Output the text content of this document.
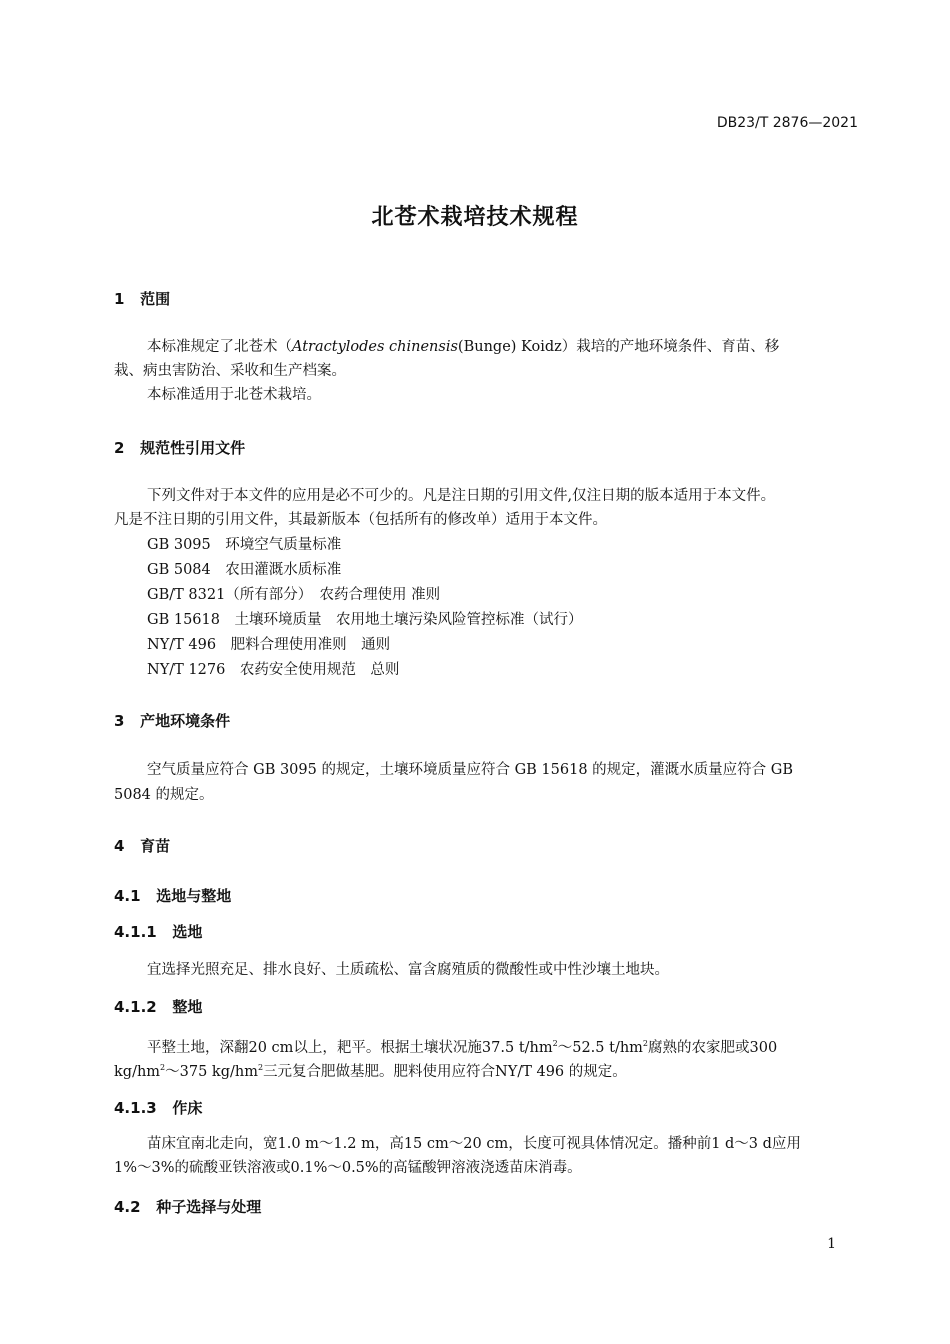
DB23/T 2876—2021
北苍术栽培技术规程
1 范围
本标准规定了北苍术（Atractylodes chinensis(Bunge) Koidz）栽培的产地环境条件、育苗、移
栽、病虫害防治、采收和生产档案。
本标准适用于北苍术栽培。
2 规范性引用文件
下列文件对于本文件的应用是必不可少的。凡是注日期的引用文件,仅注日期的版本适用于本文件。
凡是不注日期的引用文件，其最新版本（包括所有的修改单）适用于本文件。
GB 3095　环境空气质量标准
GB 5084　农田灌溉水质标准
GB/T 8321（所有部分）　农药合理使用 准则
GB 15618　土壤环境质量　农用地土壤污染风险管控标准（试行）
NY/T 496　肥料合理使用准则　通则
NY/T 1276　农药安全使用规范　总则
3 产地环境条件
空气质量应符合 GB 3095 的规定，土壤环境质量应符合 GB 15618 的规定，灌溉水质量应符合 GB
5084 的规定。
4 育苗
4.1 选地与整地
4.1.1 选地
宜选择光照充足、排水良好、土质疏松、富含腐殖质的微酸性或中性沙壤土地块。
4.1.2 整地
平整土地，深翻20 cm以上，耙平。根据土壤状况施37.5 $t/hm^2\sim 52.5$ $t/hm^2$腐熟的农家肥或300
$kg/hm^2\sim 375$ $kg/hm^2$三元复合肥做基肥。肥料使用应符合NY/T 496 的规定。
4.1.3 作床
苗床宜南北走向，宽1.0 m～1.2 m，高15 cm～20 cm，长度可视具体情况定。播种前1 d～3 d应用
1%～3%的硫酸亚铁溶液或0.1%～0.5%的高锰酸钾溶液浇透苗床消毒。
4.2 种子选择与处理
1
